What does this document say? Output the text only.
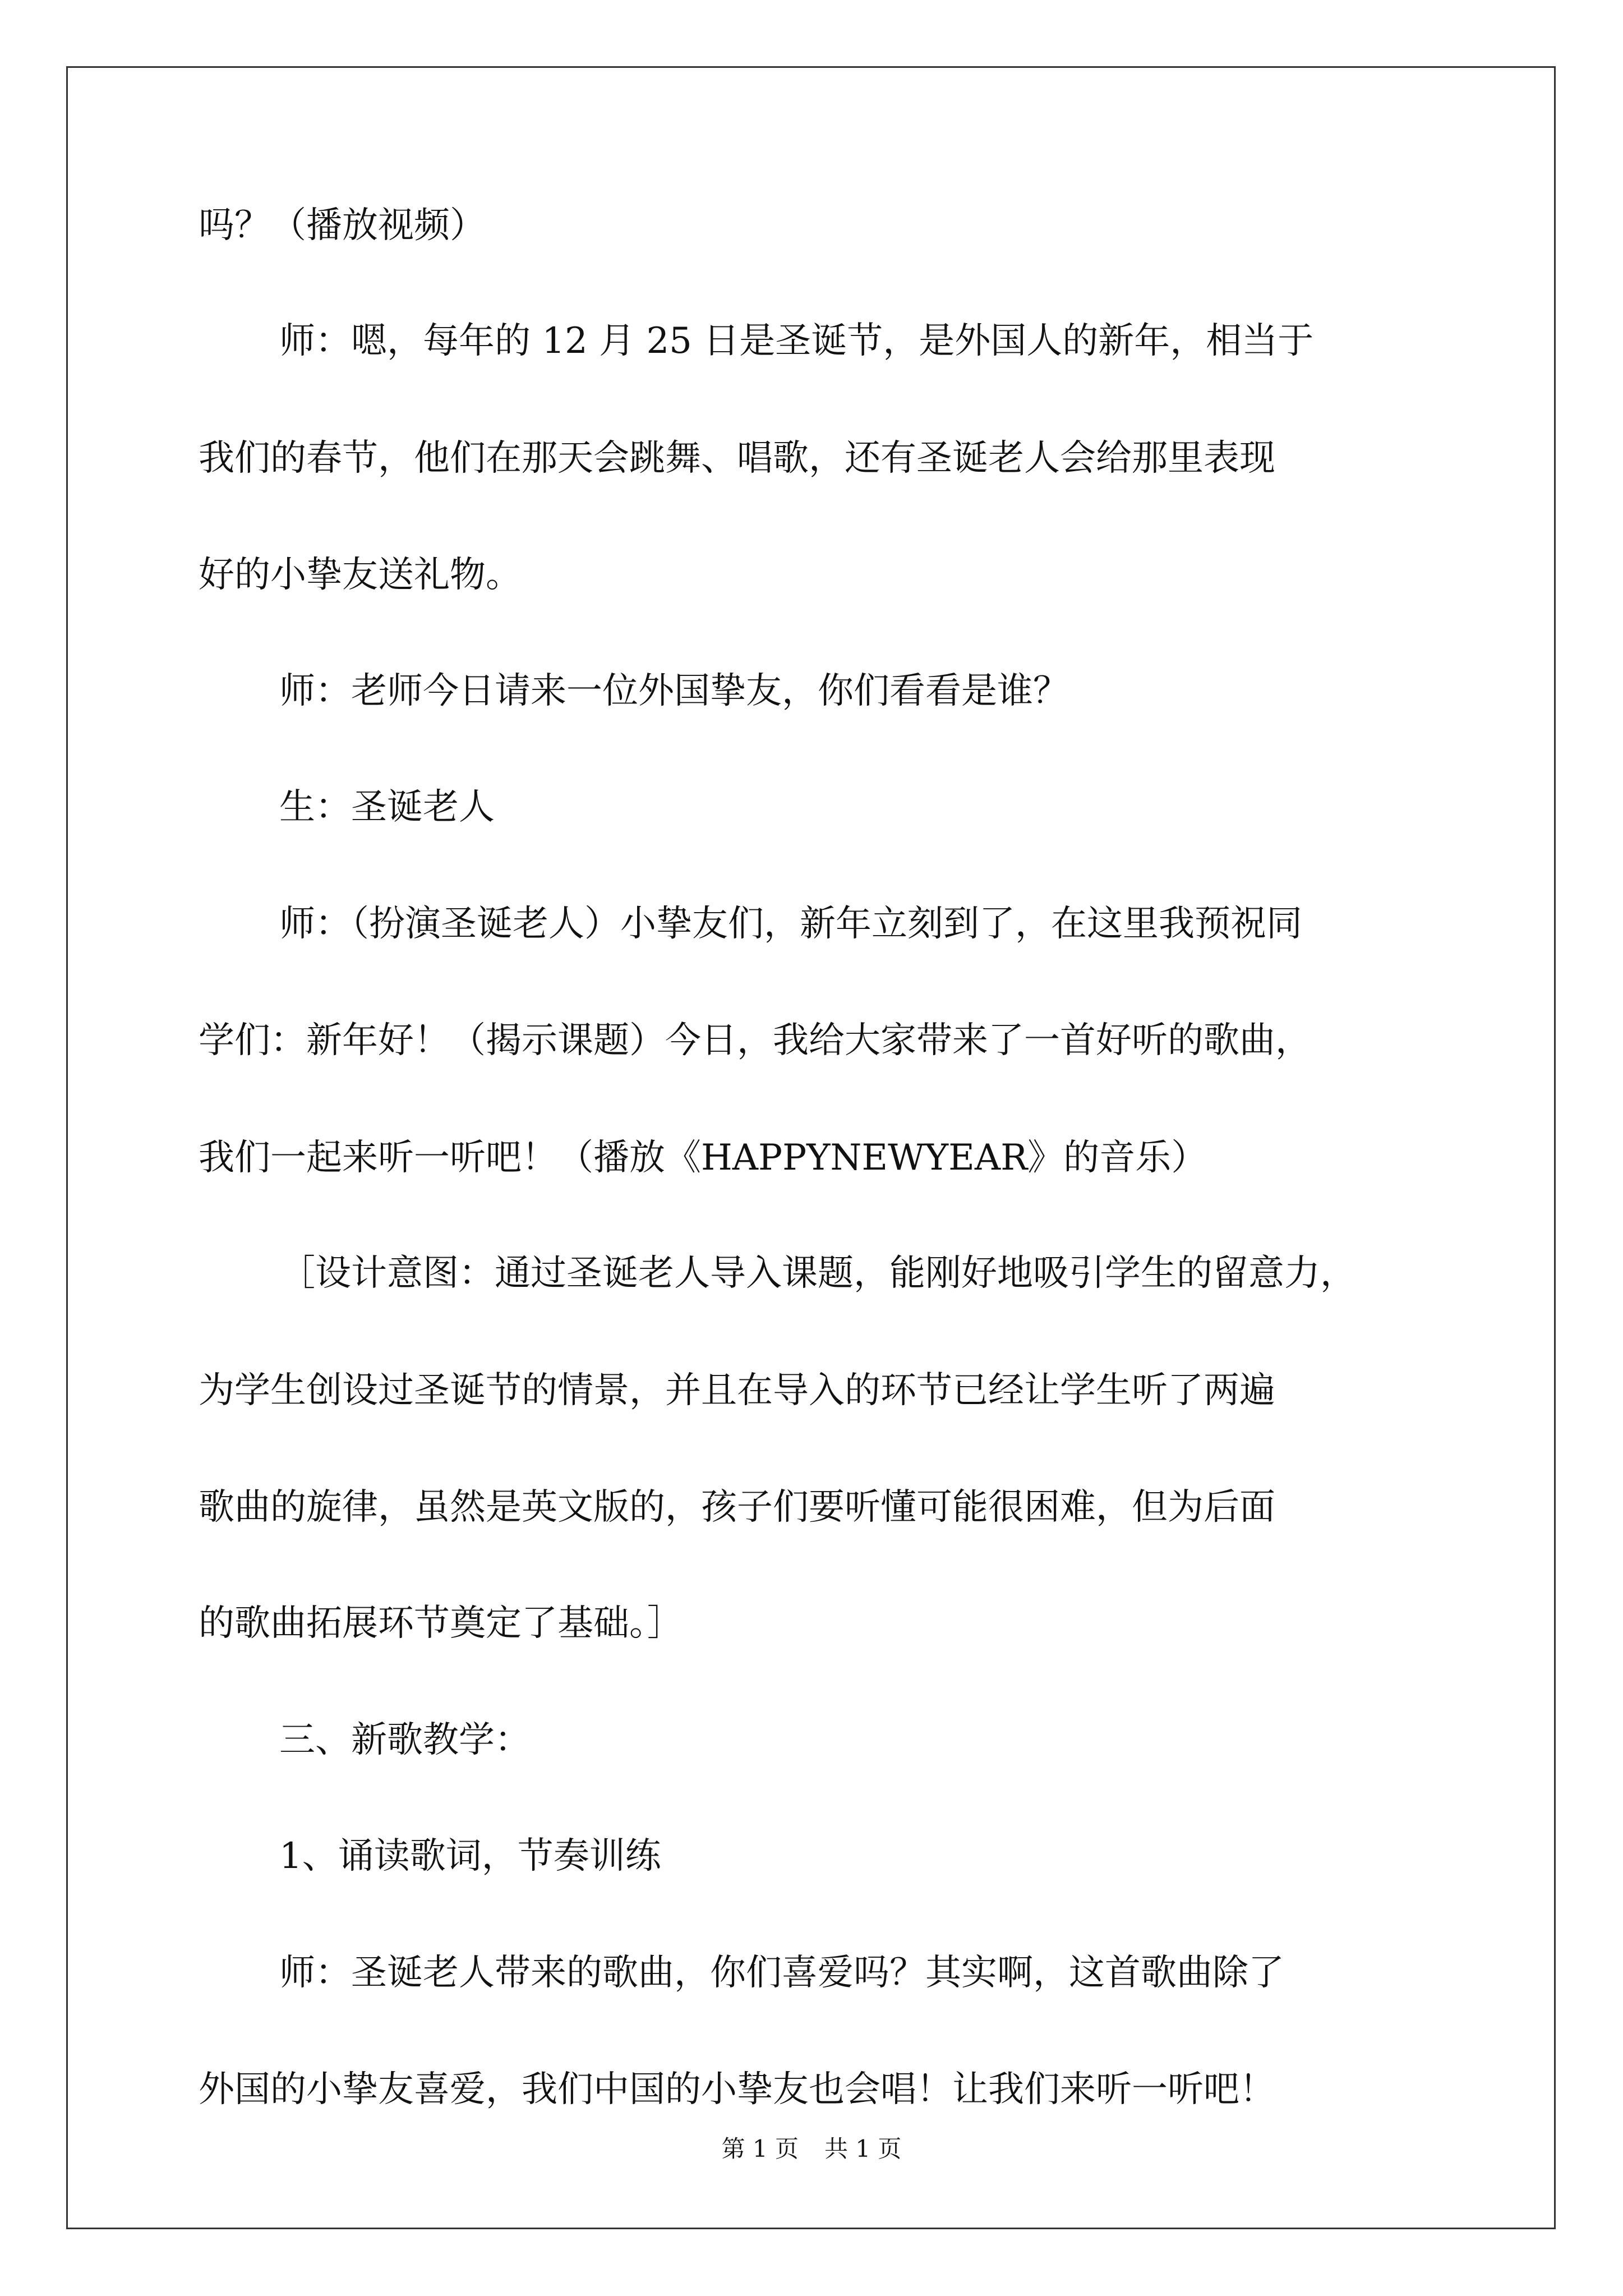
吗？（播放视频）
师：嗯，每年的 12 月 25 日是圣诞节，是外国人的新年，相当于
我们的春节，他们在那天会跳舞、唱歌，还有圣诞老人会给那里表现
好的小挚友送礼物。
师：老师今日请来一位外国挚友，你们看看是谁？
生：圣诞老人
师：（扮演圣诞老人）小挚友们，新年立刻到了，在这里我预祝同
学们：新年好！（揭示课题）今日，我给大家带来了一首好听的歌曲，
我们一起来听一听吧！（播放《HAPPYNEWYEAR》的音乐）
［设计意图：通过圣诞老人导入课题，能刚好地吸引学生的留意力，
为学生创设过圣诞节的情景，并且在导入的环节已经让学生听了两遍
歌曲的旋律，虽然是英文版的，孩子们要听懂可能很困难，但为后面
的歌曲拓展环节奠定了基础。］
三、新歌教学：
1、诵读歌词，节奏训练
师：圣诞老人带来的歌曲，你们喜爱吗？其实啊，这首歌曲除了
外国的小挚友喜爱，我们中国的小挚友也会唱！让我们来听一听吧！
第 1 页 共 1 页
